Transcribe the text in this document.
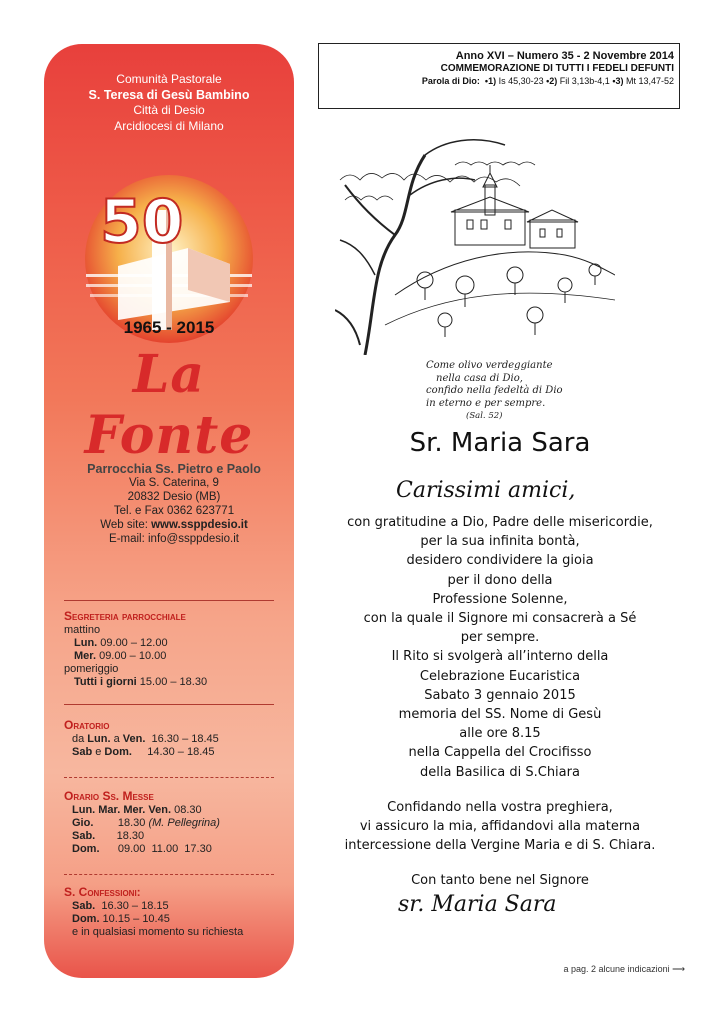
Comunità Pastorale
S. Teresa di Gesù Bambino
Città di Desio
Arcidiocesi di Milano
50
1965 - 2015
La Fonte
Parrocchia Ss. Pietro e Paolo
Via S. Caterina, 9
20832 Desio (MB)
Tel. e Fax 0362 623771
Web site: www.ssppdesio.it
E-mail: info@ssppdesio.it
Segreteria parrocchiale
mattino
Lun. 09.00 – 12.00
Mer. 09.00 – 10.00
pomeriggio
Tutti i giorni 15.00 – 18.30
Oratorio
da Lun. a Ven.  16.30 – 18.45
Sab e Dom.     14.30 – 18.45
Orario Ss. Messe
Lun. Mar. Mer. Ven. 08.30
Gio.        18.30 (M. Pellegrina)
Sab.       18.30
Dom.      09.00  11.00  17.30
S. Confessioni:
Sab.  16.30 – 18.15
Dom. 10.15 – 10.45
e in qualsiasi momento su richiesta
Anno XVI – Numero 35 - 2 Novembre 2014
COMMEMORAZIONE DI TUTTI I FEDELI DEFUNTI
Parola di Dio: •1) Is 45,30-23 •2) Fil 3,13b-4,1 •3) Mt 13,47-52
Come olivo verdeggiante
nella casa di Dio,
confido nella fedeltà di Dio
in eterno e per sempre.
(Sal. 52)
Sr. Maria Sara
Carissimi amici,
con gratitudine a Dio, Padre delle misericordie,
per la sua infinita bontà,
desidero condividere la gioia
per il dono della
Professione Solenne,
con la quale il Signore mi consacrerà a Sé
per sempre.
Il Rito si svolgerà all’interno della
Celebrazione Eucaristica
Sabato 3 gennaio 2015
memoria del SS. Nome di Gesù
alle ore 8.15
nella Cappella del Crocifisso
della Basilica di S.Chiara
Confidando nella vostra preghiera,
vi assicuro la mia, affidandovi alla materna
intercessione della Vergine Maria e di S. Chiara.
Con tanto bene nel Signore
sr. Maria Sara
a pag. 2 alcune indicazioni ⟶
